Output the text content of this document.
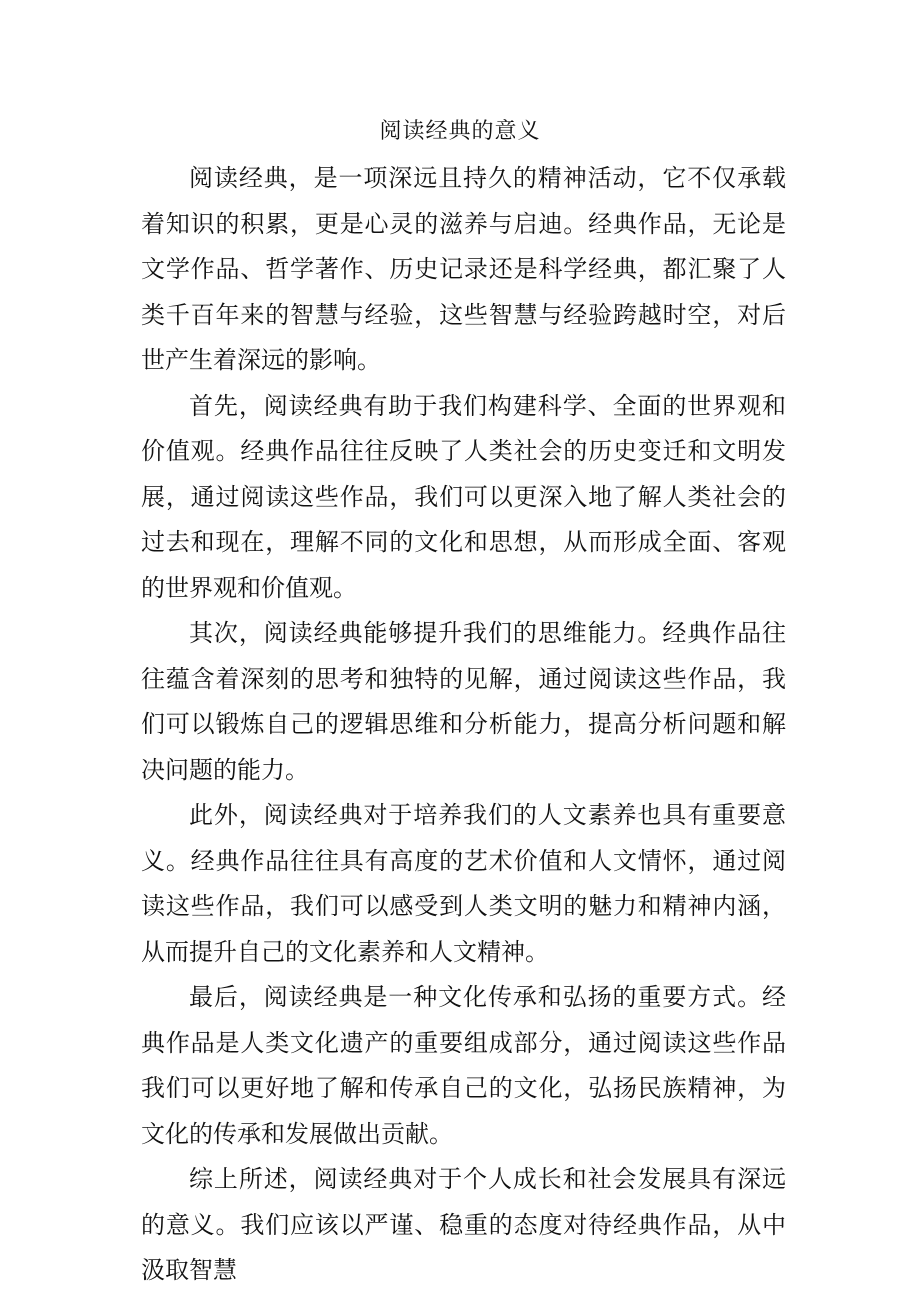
阅读经典的意义

阅读经典，是一项深远且持久的精神活动，它不仅承载着知识的积累，更是心灵的滋养与启迪。经典作品，无论是文学作品、哲学著作、历史记录还是科学经典，都汇聚了人类千百年来的智慧与经验，这些智慧与经验跨越时空，对后世产生着深远的影响。

首先，阅读经典有助于我们构建科学、全面的世界观和价值观。经典作品往往反映了人类社会的历史变迁和文明发展，通过阅读这些作品，我们可以更深入地了解人类社会的过去和现在，理解不同的文化和思想，从而形成全面、客观的世界观和价值观。

其次，阅读经典能够提升我们的思维能力。经典作品往往蕴含着深刻的思考和独特的见解，通过阅读这些作品，我们可以锻炼自己的逻辑思维和分析能力，提高分析问题和解决问题的能力。

此外，阅读经典对于培养我们的人文素养也具有重要意义。经典作品往往具有高度的艺术价值和人文情怀，通过阅读这些作品，我们可以感受到人类文明的魅力和精神内涵，从而提升自己的文化素养和人文精神。

最后，阅读经典是一种文化传承和弘扬的重要方式。经典作品是人类文化遗产的重要组成部分，通过阅读这些作品我们可以更好地了解和传承自己的文化，弘扬民族精神，为文化的传承和发展做出贡献。

综上所述，阅读经典对于个人成长和社会发展具有深远的意义。我们应该以严谨、稳重的态度对待经典作品，从中汲取智慧
